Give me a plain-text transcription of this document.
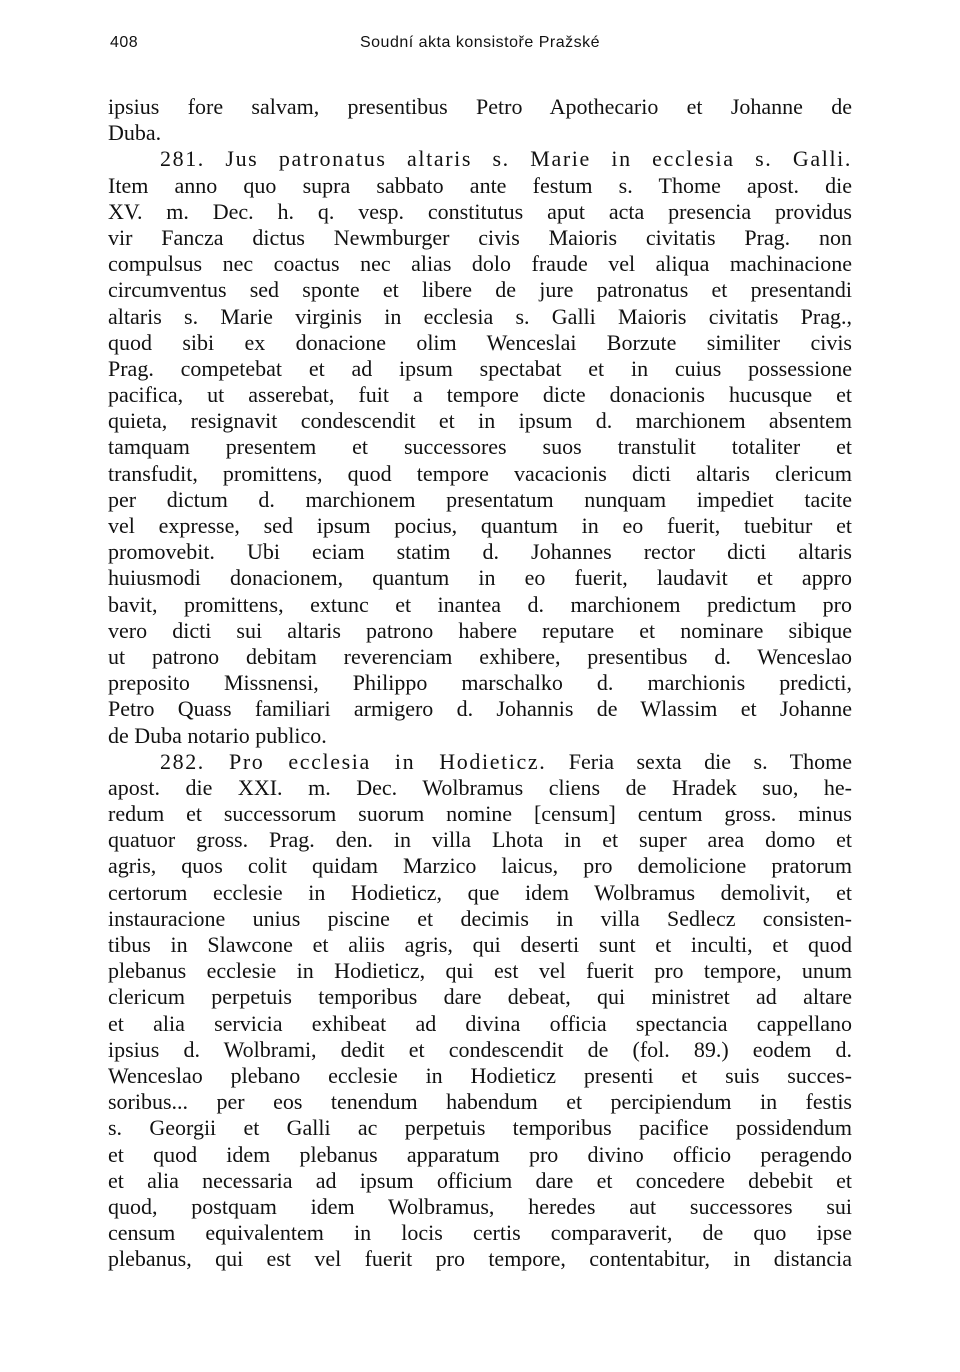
408	Soudní akta konsistoře Pražské
ipsius fore salvam, presentibus Petro Apothecario et Johanne de
Duba.
281. Jus patronatus altaris s. Marie in ecclesia s. Galli.
Item anno quo supra sabbato ante festum s. Thome apost. die
XV. m. Dec. h. q. vesp. constitutus aput acta presencia providus
vir Fancza dictus Newmburger civis Maioris civitatis Prag. non
compulsus nec coactus nec alias dolo fraude vel aliqua machinacione
circumventus sed sponte et libere de jure patronatus et presentandi
altaris s. Marie virginis in ecclesia s. Galli Maioris civitatis Prag.,
quod sibi ex donacione olim Wenceslai Borzute similiter civis
Prag. competebat et ad ipsum spectabat et in cuius possessione
pacifica, ut asserebat, fuit a tempore dicte donacionis hucusque et
quieta, resignavit condescendit et in ipsum d. marchionem absentem
tamquam presentem et successores suos transtulit totaliter et
transfudit, promittens, quod tempore vacacionis dicti altaris clericum
per dictum d. marchionem presentatum nunquam impediet tacite
vel expresse, sed ipsum pocius, quantum in eo fuerit, tuebitur et
promovebit. Ubi eciam statim d. Johannes rector dicti altaris
huiusmodi donacionem, quantum in eo fuerit, laudavit et appro
bavit, promittens, extunc et inantea d. marchionem predictum pro
vero dicti sui altaris patrono habere reputare et nominare sibique
ut patrono debitam reverenciam exhibere, presentibus d. Wenceslao
preposito Missnensi, Philippo marschalko d. marchionis predicti,
Petro Quass familiari armigero d. Johannis de Wlassim et Johanne
de Duba notario publico.
282. Pro ecclesia in Hodieticz. Feria sexta die s. Thome
apost. die XXI. m. Dec. Wolbramus cliens de Hradek suo, he-
redum et successorum suorum nomine [censum] centum gross. minus
quatuor gross. Prag. den. in villa Lhota in et super area domo et
agris, quos colit quidam Marzico laicus, pro demolicione pratorum
certorum ecclesie in Hodieticz, que idem Wolbramus demolivit, et
instauracione unius piscine et decimis in villa Sedlecz consisten-
tibus in Slawcone et aliis agris, qui deserti sunt et inculti, et quod
plebanus ecclesie in Hodieticz, qui est vel fuerit pro tempore, unum
clericum perpetuis temporibus dare debeat, qui ministret ad altare
et alia servicia exhibeat ad divina officia spectancia cappellano
ipsius d. Wolbrami, dedit et condescendit de (fol. 89.) eodem d.
Wenceslao plebano ecclesie in Hodieticz presenti et suis succes-
soribus... per eos tenendum habendum et percipiendum in festis
s. Georgii et Galli ac perpetuis temporibus pacifice possidendum
et quod idem plebanus apparatum pro divino officio peragendo
et alia necessaria ad ipsum officium dare et concedere debebit et
quod, postquam idem Wolbramus, heredes aut successores sui
censum equivalentem in locis certis comparaverit, de quo ipse
plebanus, qui est vel fuerit pro tempore, contentabitur, in distancia
